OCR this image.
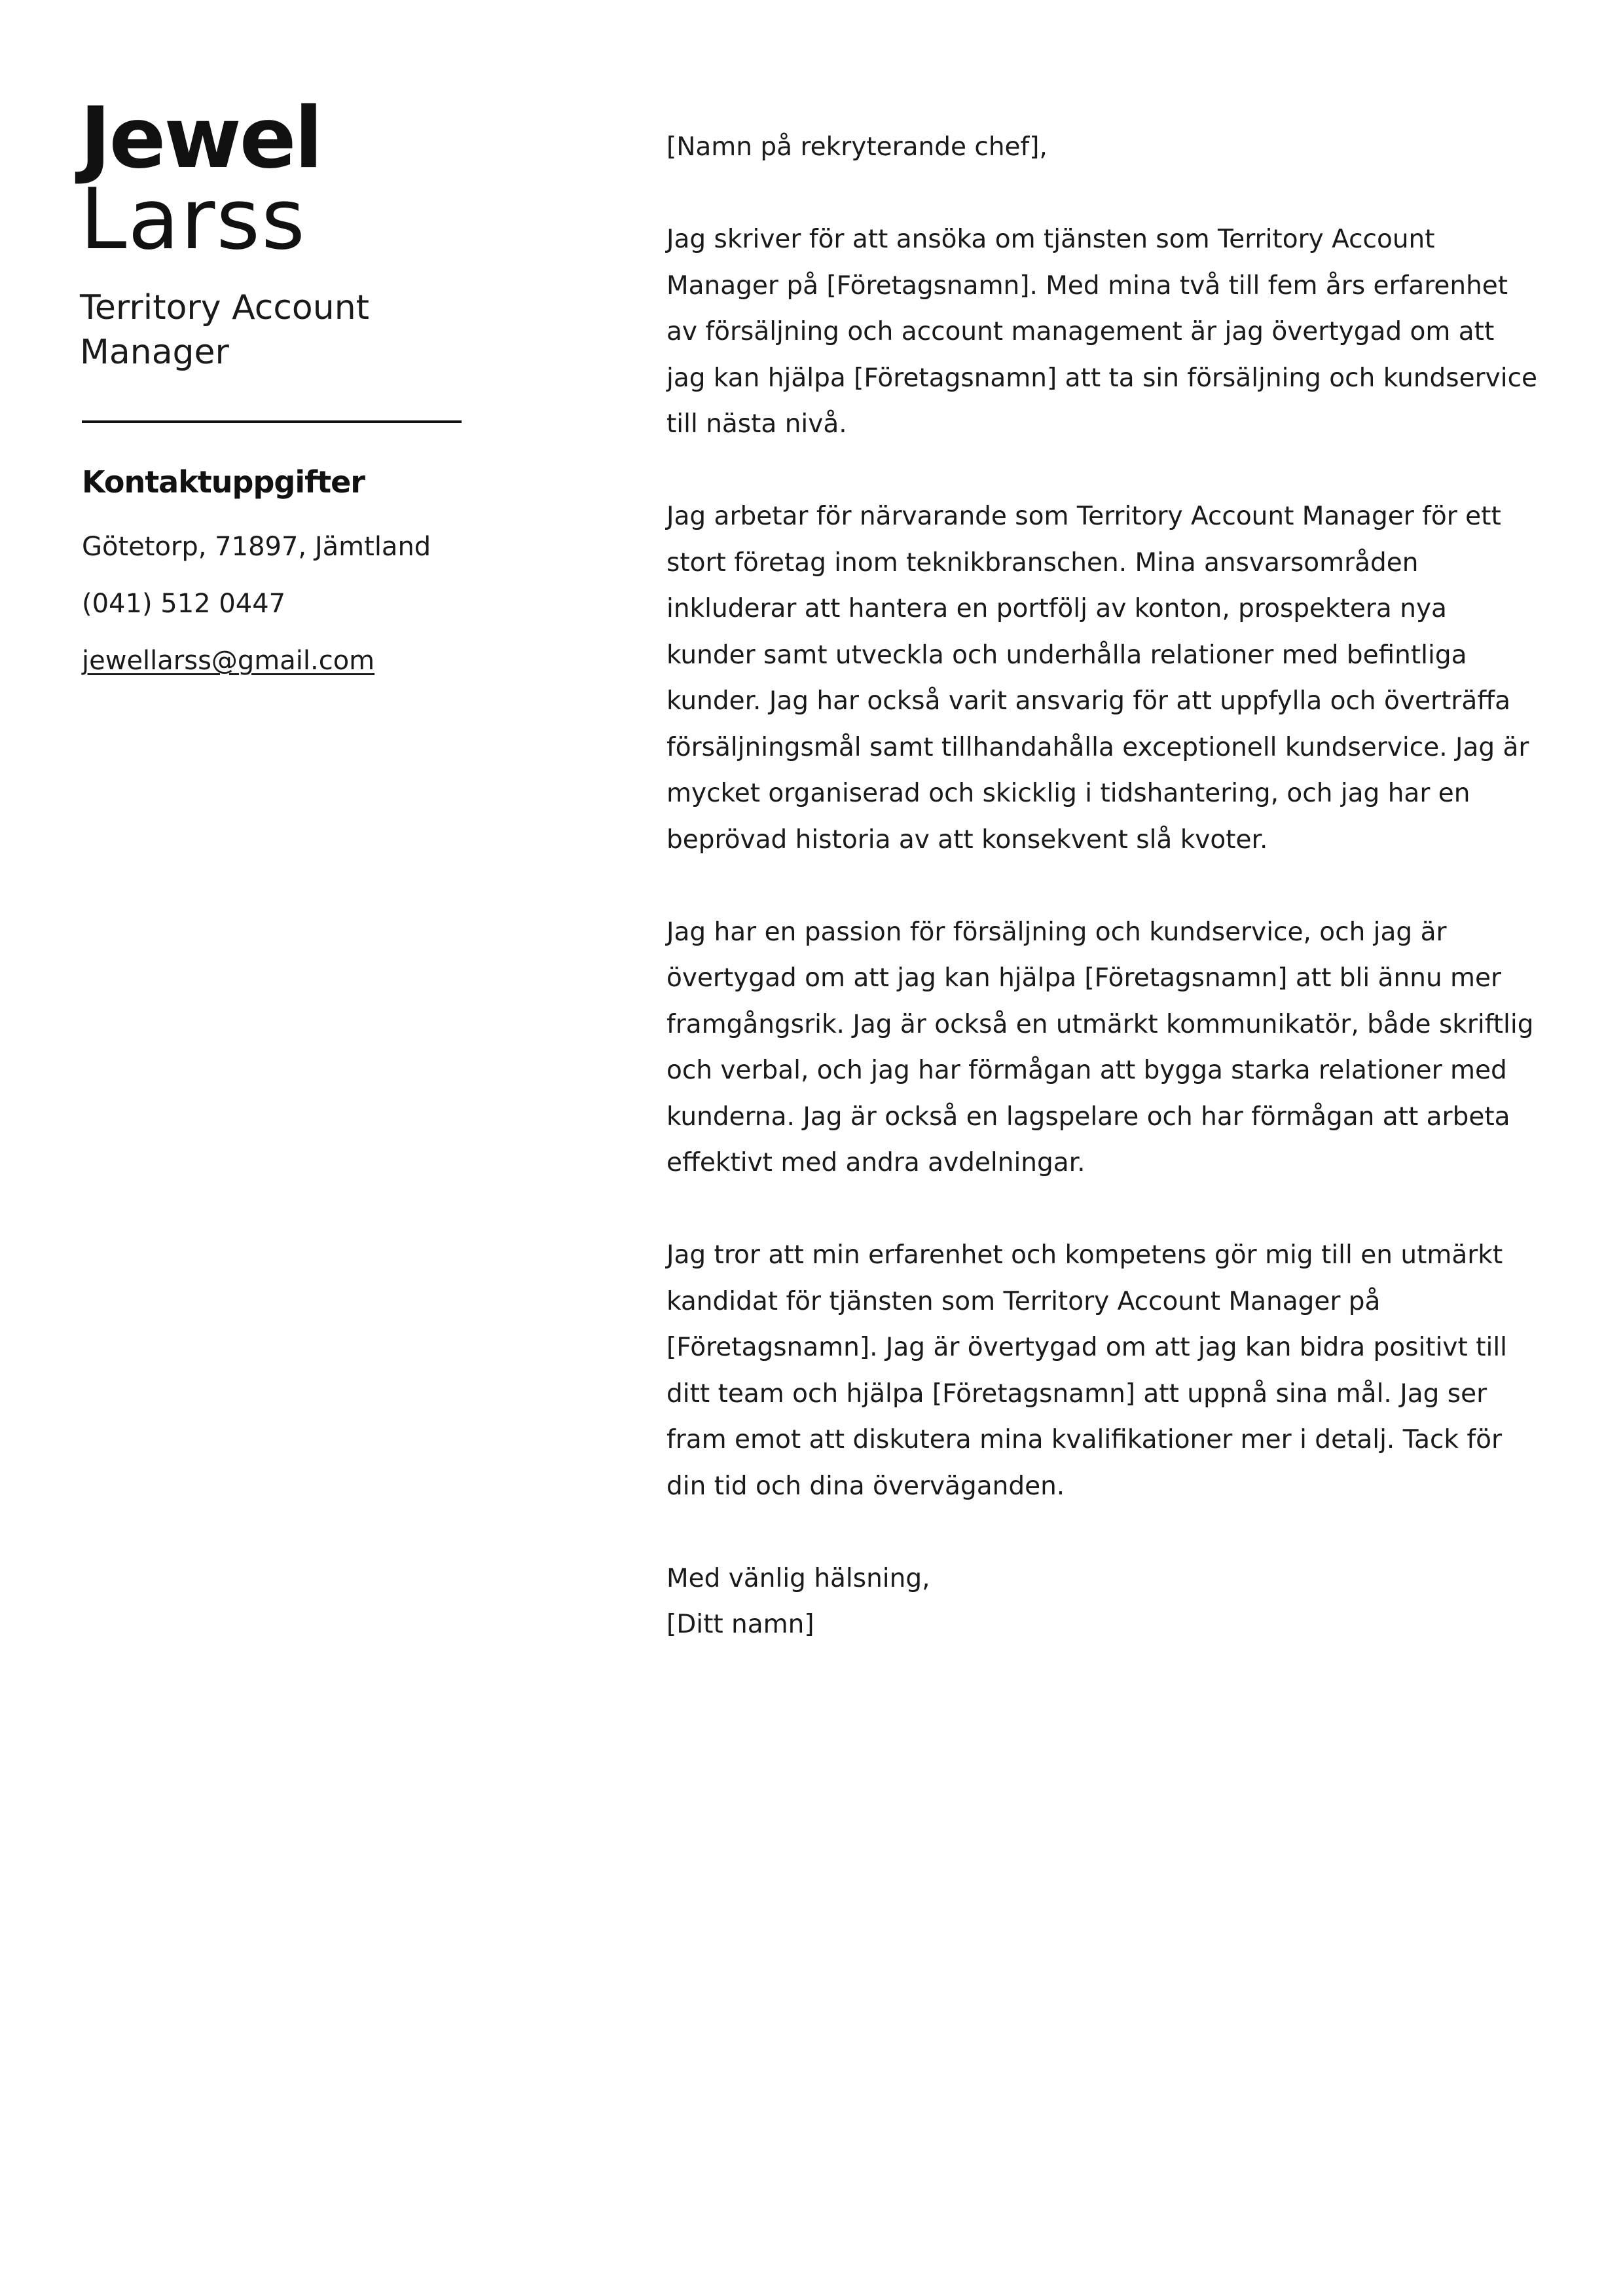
Jewel
Larss
Territory Account Manager
Kontaktuppgifter
Götetorp, 71897, Jämtland
(041) 512 0447
jewellarss@gmail.com

[Namn på rekryterande chef],

Jag skriver för att ansöka om tjänsten som Territory Account Manager på [Företagsnamn]. Med mina två till fem års erfarenhet av försäljning och account management är jag övertygad om att jag kan hjälpa [Företagsnamn] att ta sin försäljning och kundservice till nästa nivå.

Jag arbetar för närvarande som Territory Account Manager för ett stort företag inom teknikbranschen. Mina ansvarsområden inkluderar att hantera en portfölj av konton, prospektera nya kunder samt utveckla och underhålla relationer med befintliga kunder. Jag har också varit ansvarig för att uppfylla och överträffa försäljningsmål samt tillhandahålla exceptionell kundservice. Jag är mycket organiserad och skicklig i tidshantering, och jag har en beprövad historia av att konsekvent slå kvoter.

Jag har en passion för försäljning och kundservice, och jag är övertygad om att jag kan hjälpa [Företagsnamn] att bli ännu mer framgångsrik. Jag är också en utmärkt kommunikatör, både skriftlig och verbal, och jag har förmågan att bygga starka relationer med kunderna. Jag är också en lagspelare och har förmågan att arbeta effektivt med andra avdelningar.

Jag tror att min erfarenhet och kompetens gör mig till en utmärkt kandidat för tjänsten som Territory Account Manager på [Företagsnamn]. Jag är övertygad om att jag kan bidra positivt till ditt team och hjälpa [Företagsnamn] att uppnå sina mål. Jag ser fram emot att diskutera mina kvalifikationer mer i detalj. Tack för din tid och dina överväganden.

Med vänlig hälsning,

[Ditt namn]
